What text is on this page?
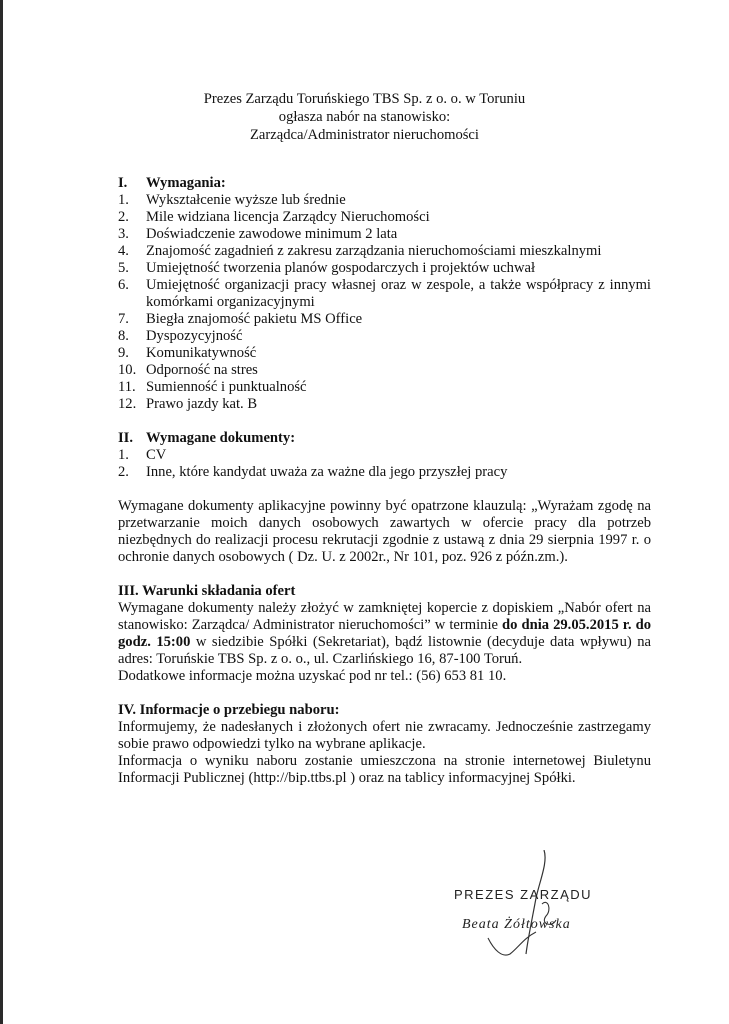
Prezes Zarządu Toruńskiego TBS Sp. z o. o. w Toruniu
ogłasza nabór na stanowisko:
Zarządca/Administrator nieruchomości
I.	Wymagania:
1.	Wykształcenie wyższe lub średnie
2.	Mile widziana licencja Zarządcy Nieruchomości
3.	Doświadczenie zawodowe minimum 2 lata
4.	Znajomość zagadnień z zakresu zarządzania nieruchomościami mieszkalnymi
5.	Umiejętność tworzenia planów gospodarczych i projektów uchwał
6.	Umiejętność organizacji pracy własnej oraz w zespole, a także współpracy z innymi komórkami organizacyjnymi
7.	Biegła znajomość pakietu MS Office
8.	Dyspozycyjność
9.	Komunikatywność
10. Odporność na stres
11. Sumienność i punktualność
12. Prawo jazdy kat. B
II. Wymagane dokumenty:
1.	CV
2.	Inne, które kandydat uważa za ważne dla jego przyszłej pracy
Wymagane dokumenty aplikacyjne powinny być opatrzone klauzulą: „Wyrażam zgodę na przetwarzanie moich danych osobowych zawartych w ofercie pracy dla potrzeb niezbędnych do realizacji procesu rekrutacji zgodnie z ustawą z dnia 29 sierpnia 1997 r. o ochronie danych osobowych ( Dz. U. z 2002r., Nr 101, poz. 926 z późn.zm.).
III. Warunki składania ofert
Wymagane dokumenty należy złożyć w zamkniętej kopercie z dopiskiem „Nabór ofert na stanowisko: Zarządca/ Administrator nieruchomości” w terminie do dnia 29.05.2015 r. do godz. 15:00 w siedzibie Spółki (Sekretariat), bądź listownie (decyduje data wpływu) na adres: Toruńskie TBS Sp. z o. o., ul. Czarlińskiego 16, 87-100 Toruń.
Dodatkowe informacje można uzyskać pod nr tel.: (56) 653 81 10.
IV. Informacje o przebiegu naboru:
Informujemy, że nadesłanych i złożonych ofert nie zwracamy. Jednocześnie zastrzegamy sobie prawo odpowiedzi tylko na wybrane aplikacje.
Informacja o wyniku naboru zostanie umieszczona na stronie internetowej Biuletynu Informacji Publicznej (http://bip.ttbs.pl ) oraz na tablicy informacyjnej Spółki.
PREZES ZARZĄDU
Beata Żółtowska
